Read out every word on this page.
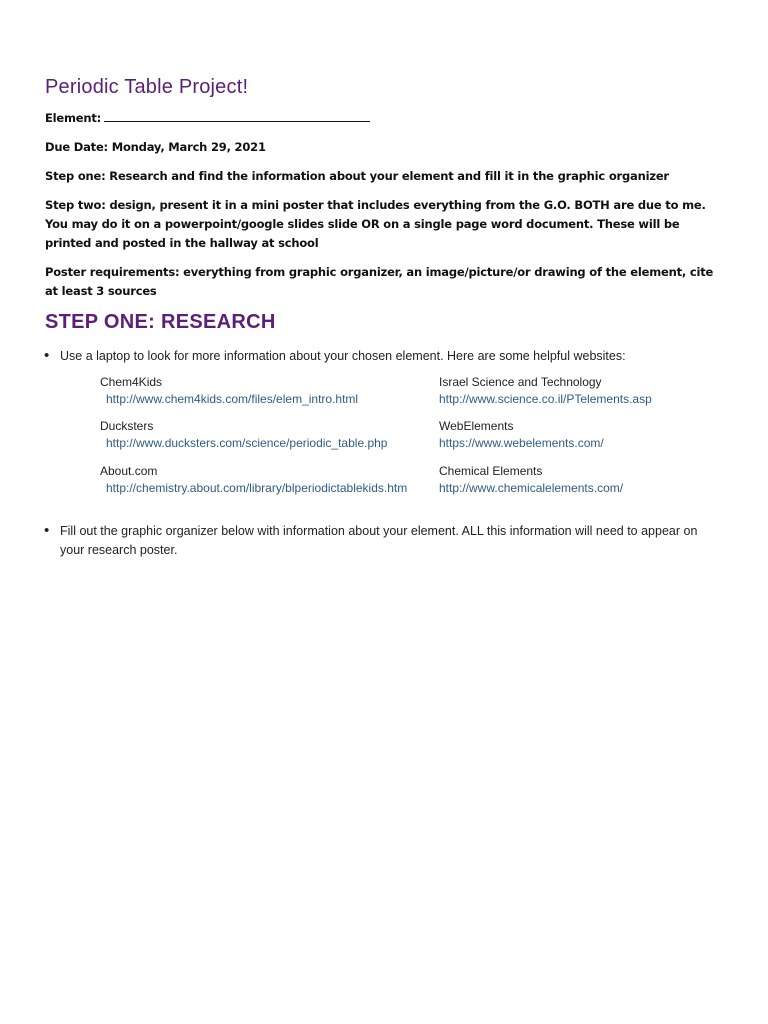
Periodic Table Project!
Element:
Due Date: Monday, March 29, 2021
Step one: Research and find the information about your element and fill it in the graphic organizer
Step two: design, present it in a mini poster that includes everything from the G.O. BOTH are due to me. You may do it on a powerpoint/google slides slide OR on a single page word document. These will be printed and posted in the hallway at school
Poster requirements: everything from graphic organizer, an image/picture/or drawing of the element, cite at least 3 sources
STEP ONE: RESEARCH
• Use a laptop to look for more information about your chosen element. Here are some helpful websites:
Chem4Kids
http://www.chem4kids.com/files/elem_intro.html
Israel Science and Technology
http://www.science.co.il/PTelements.asp
Ducksters
http://www.ducksters.com/science/periodic_table.php
WebElements
https://www.webelements.com/
About.com
http://chemistry.about.com/library/blperiodictablekids.htm
Chemical Elements
http://www.chemicalelements.com/
• Fill out the graphic organizer below with information about your element. ALL this information will need to appear on your research poster.
